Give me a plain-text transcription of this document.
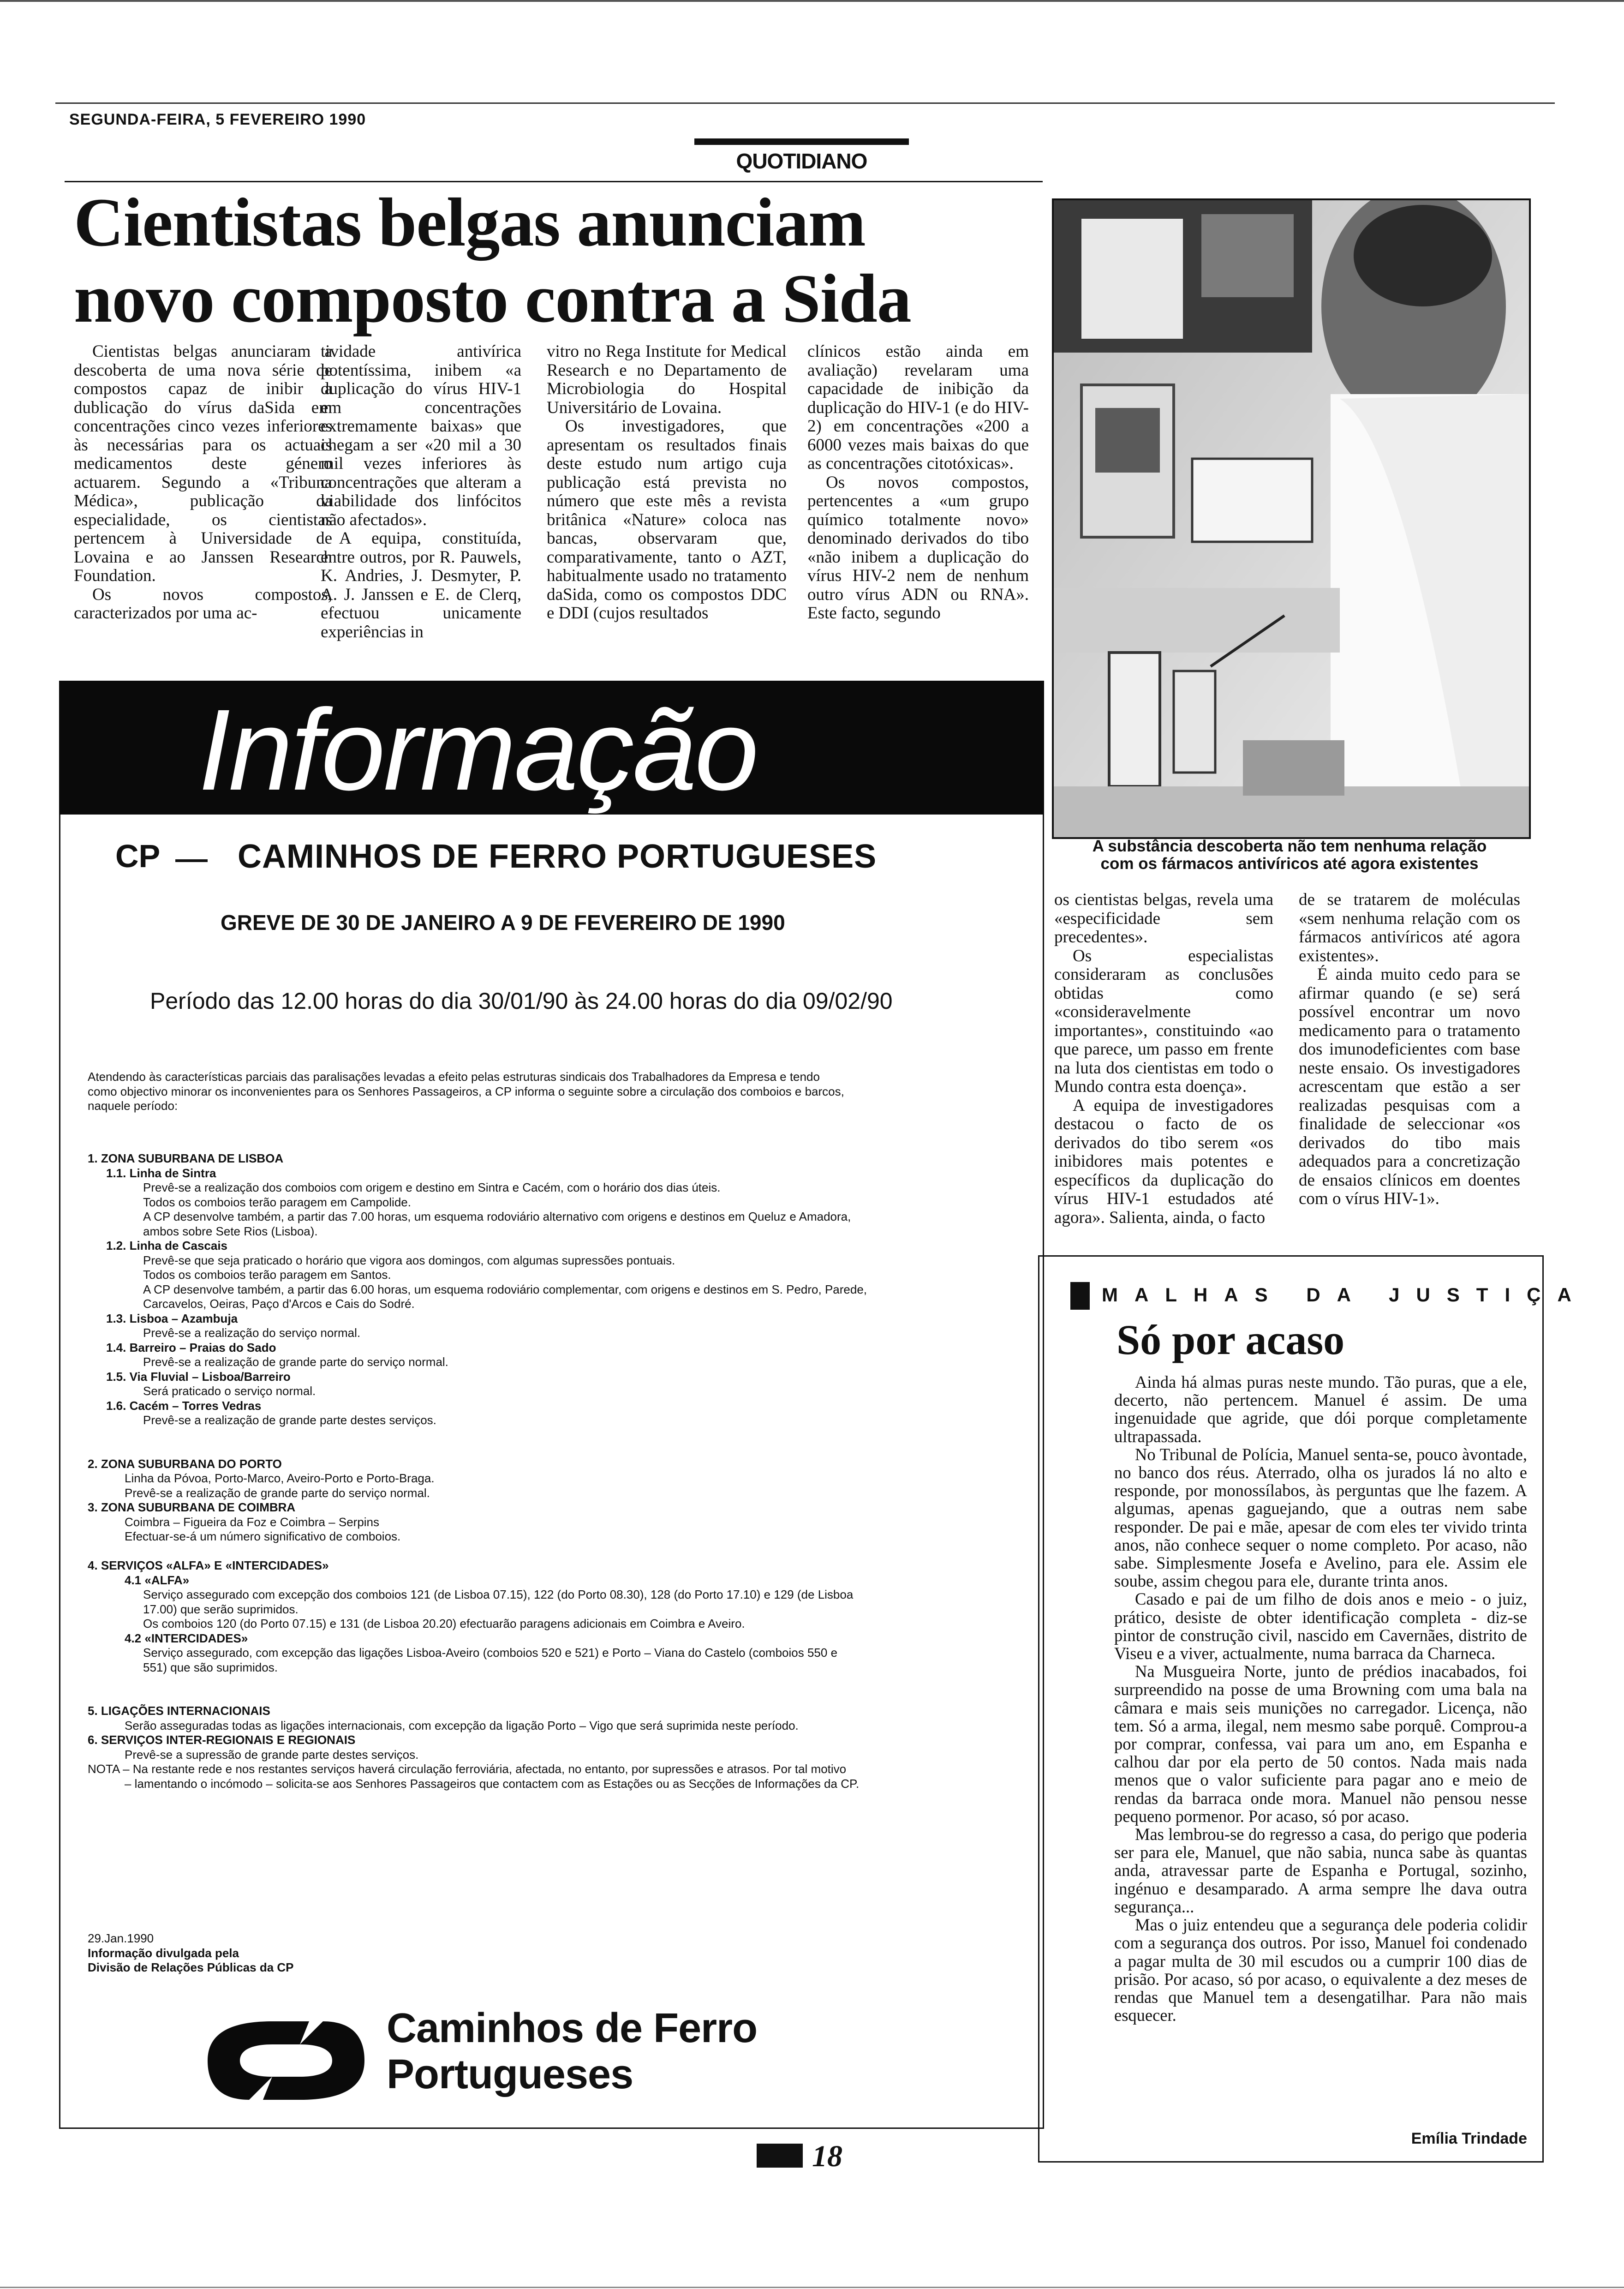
SEGUNDA-FEIRA, 5 FEVEREIRO 1990
QUOTIDIANO
Cientistas belgas anunciam
novo composto contra a Sida

Cientistas belgas anunciaram a descoberta de uma nova série de compostos capaz de inibir a dublicação do vírus daSida em concentrações cinco vezes inferiores às necessárias para os actuais medicamentos deste género actuarem. Segundo a «Tribuna Médica», publicação da especialidade, os cientistas pertencem à Universidade de Lovaina e ao Janssen Research Foundation.

Os novos compostos, caracterizados por uma ac-

tividade antivírica potentíssima, inibem «a duplicação do vírus HIV-1 em concentrações extremamente baixas» que chegam a ser «20 mil a 30 mil vezes inferiores às concentrações que alteram a viabilidade dos linfócitos não afectados».

A equipa, constituída, entre outros, por R. Pauwels, K. Andries, J. Desmyter, P. A. J. Janssen e E. de Clerq, efectuou unicamente experiências in

vitro no Rega Institute for Medical Research e no Departamento de Microbiologia do Hospital Universitário de Lovaina.

Os investigadores, que apresentam os resultados finais deste estudo num artigo cuja publicação está prevista no número que este mês a revista britânica «Nature» coloca nas bancas, observaram que, comparativamente, tanto o AZT, habitualmente usado no tratamento daSida, como os compostos DDC e DDI (cujos resultados

clínicos estão ainda em avaliação) revelaram uma capacidade de inibição da duplicação do HIV-1 (e do HIV-2) em concentrações «200 a 6000 vezes mais baixas do que as concentrações citotóxicas».

Os novos compostos, pertencentes a «um grupo químico totalmente novo» denominado derivados do tibo «não inibem a duplicação do vírus HIV-2 nem de nenhum outro vírus ADN ou RNA». Este facto, segundo

A substância descoberta não tem nenhuma relação
com os fármacos antivíricos até agora existentes

os cientistas belgas, revela uma «especificidade sem precedentes».

Os especialistas consideraram as conclusões obtidas como «consideravelmente importantes», constituindo «ao que parece, um passo em frente na luta dos cientistas em todo o Mundo contra esta doença».

A equipa de investigadores destacou o facto de os derivados do tibo serem «os inibidores mais potentes e específicos da duplicação do vírus HIV-1 estudados até agora». Salienta, ainda, o facto

de se tratarem de moléculas «sem nenhuma relação com os fármacos antivíricos até agora existentes».

É ainda muito cedo para se afirmar quando (e se) será possível encontrar um novo medicamento para o tratamento dos imunodeficientes com base neste ensaio. Os investigadores acrescentam que estão a ser realizadas pesquisas com a finalidade de seleccionar «os derivados do tibo mais adequados para a concretização de ensaios clínicos em doentes com o vírus HIV-1».

Informação
CP CAMINHOS DE FERRO PORTUGUESES
GREVE DE 30 DE JANEIRO A 9 DE FEVEREIRO DE 1990
Período das 12.00 horas do dia 30/01/90 às 24.00 horas do dia 09/02/90
Atendendo às características parciais das paralisações levadas a efeito pelas estruturas sindicais dos Trabalhadores da Empresa e tendo
como objectivo minorar os inconvenientes para os Senhores Passageiros, a CP informa o seguinte sobre a circulação dos comboios e barcos,
naquele período:
1. ZONA SUBURBANA DE LISBOA
1.1. Linha de Sintra
Prevê-se a realização dos comboios com origem e destino em Sintra e Cacém, com o horário dos dias úteis.
Todos os comboios terão paragem em Campolide.
A CP desenvolve também, a partir das 7.00 horas, um esquema rodoviário alternativo com origens e destinos em Queluz e Amadora,
ambos sobre Sete Rios (Lisboa).
1.2. Linha de Cascais
Prevê-se que seja praticado o horário que vigora aos domingos, com algumas supressões pontuais.
Todos os comboios terão paragem em Santos.
A CP desenvolve também, a partir das 6.00 horas, um esquema rodoviário complementar, com origens e destinos em S. Pedro, Parede,
Carcavelos, Oeiras, Paço d'Arcos e Cais do Sodré.
1.3. Lisboa – Azambuja
Prevê-se a realização do serviço normal.
1.4. Barreiro – Praias do Sado
Prevê-se a realização de grande parte do serviço normal.
1.5. Via Fluvial – Lisboa/Barreiro
Será praticado o serviço normal.
1.6. Cacém – Torres Vedras
Prevê-se a realização de grande parte destes serviços.

2. ZONA SUBURBANA DO PORTO
Linha da Póvoa, Porto-Marco, Aveiro-Porto e Porto-Braga.
Prevê-se a realização de grande parte do serviço normal.
3. ZONA SUBURBANA DE COIMBRA
Coimbra – Figueira da Foz e Coimbra – Serpins
Efectuar-se-á um número significativo de comboios.

4. SERVIÇOS «ALFA» E «INTERCIDADES»
4.1 «ALFA»
Serviço assegurado com excepção dos comboios 121 (de Lisboa 07.15), 122 (do Porto 08.30), 128 (do Porto 17.10) e 129 (de Lisboa
17.00) que serão suprimidos.
Os comboios 120 (do Porto 07.15) e 131 (de Lisboa 20.20) efectuarão paragens adicionais em Coimbra e Aveiro.
4.2 «INTERCIDADES»
Serviço assegurado, com excepção das ligações Lisboa-Aveiro (comboios 520 e 521) e Porto – Viana do Castelo (comboios 550 e
551) que são suprimidos.

5. LIGAÇÕES INTERNACIONAIS
Serão asseguradas todas as ligações internacionais, com excepção da ligação Porto – Vigo que será suprimida neste período.
6. SERVIÇOS INTER-REGIONAIS E REGIONAIS
Prevê-se a supressão de grande parte destes serviços.
NOTA – Na restante rede e nos restantes serviços haverá circulação ferroviária, afectada, no entanto, por supressões e atrasos. Por tal motivo
– lamentando o incómodo – solicita-se aos Senhores Passageiros que contactem com as Estações ou as Secções de Informações da CP.
29.Jan.1990
Informação divulgada pela
Divisão de Relações Públicas da CP
Caminhos de Ferro
Portugueses
MALHAS DA JUSTIÇA
Só por acaso

Ainda há almas puras neste mundo. Tão puras, que a ele, decerto, não pertencem. Manuel é assim. De uma ingenuidade que agride, que dói porque completamente ultrapassada.

No Tribunal de Polícia, Manuel senta-se, pouco àvontade, no banco dos réus. Aterrado, olha os jurados lá no alto e responde, por monossílabos, às perguntas que lhe fazem. A algumas, apenas gaguejando, que a outras nem sabe responder. De pai e mãe, apesar de com eles ter vivido trinta anos, não conhece sequer o nome completo. Por acaso, não sabe. Simplesmente Josefa e Avelino, para ele. Assim ele soube, assim chegou para ele, durante trinta anos.

Casado e pai de um filho de dois anos e meio - o juiz, prático, desiste de obter identificação completa - diz-se pintor de construção civil, nascido em Cavernães, distrito de Viseu e a viver, actualmente, numa barraca da Charneca.

Na Musgueira Norte, junto de prédios inacabados, foi surpreendido na posse de uma Browning com uma bala na câmara e mais seis munições no carregador. Licença, não tem. Só a arma, ilegal, nem mesmo sabe porquê. Comprou-a por comprar, confessa, vai para um ano, em Espanha e calhou dar por ela perto de 50 contos. Nada mais nada menos que o valor suficiente para pagar ano e meio de rendas da barraca onde mora. Manuel não pensou nesse pequeno pormenor. Por acaso, só por acaso.

Mas lembrou-se do regresso a casa, do perigo que poderia ser para ele, Manuel, que não sabia, nunca sabe às quantas anda, atravessar parte de Espanha e Portugal, sozinho, ingénuo e desamparado. A arma sempre lhe dava outra segurança...

Mas o juiz entendeu que a segurança dele poderia colidir com a segurança dos outros. Por isso, Manuel foi condenado a pagar multa de 30 mil escudos ou a cumprir 100 dias de prisão. Por acaso, só por acaso, o equivalente a dez meses de rendas que Manuel tem a desengatilhar. Para não mais esquecer.

Emília Trindade
18
